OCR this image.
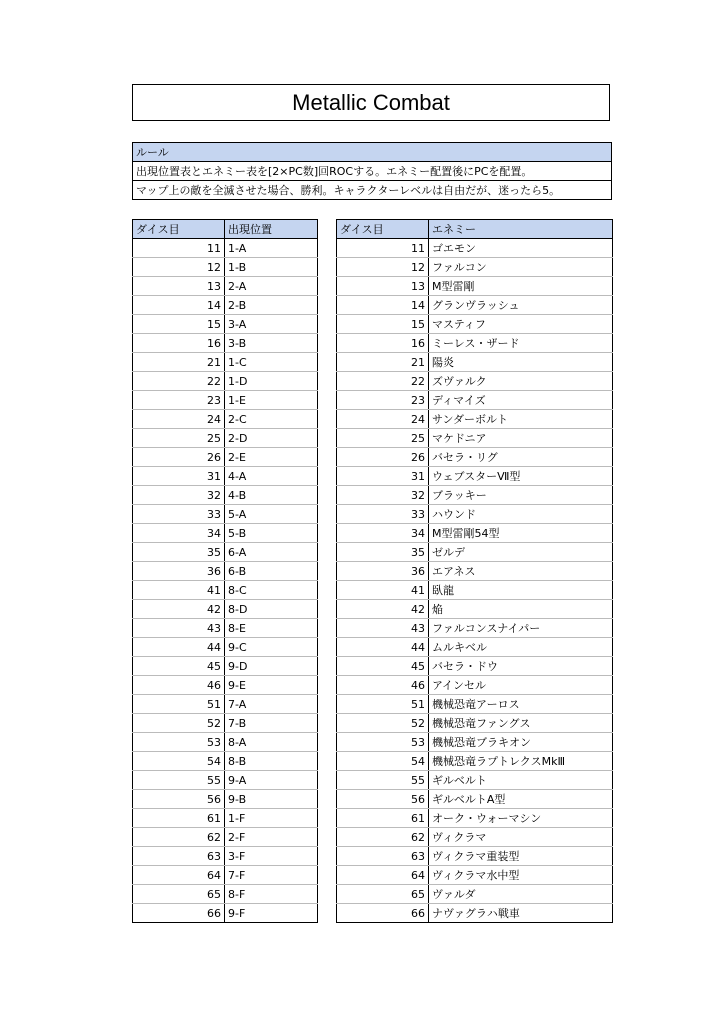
Metallic Combat
ルール
出現位置表とエネミー表を[2×PC数]回ROCする。エネミー配置後にPCを配置。
マップ上の敵を全滅させた場合、勝利。キャラクターレベルは自由だが、迷ったら5。
ダイス目	出現位置
11	1-A
12	1-B
13	2-A
14	2-B
15	3-A
16	3-B
21	1-C
22	1-D
23	1-E
24	2-C
25	2-D
26	2-E
31	4-A
32	4-B
33	5-A
34	5-B
35	6-A
36	6-B
41	8-C
42	8-D
43	8-E
44	9-C
45	9-D
46	9-E
51	7-A
52	7-B
53	8-A
54	8-B
55	9-A
56	9-B
61	1-F
62	2-F
63	3-F
64	7-F
65	8-F
66	9-F
ダイス目	エネミー
11	ゴエモン
12	ファルコン
13	M型雷剛
14	グランヴラッシュ
15	マスティフ
16	ミーレス・ザード
21	陽炎
22	ズヴァルク
23	ディマイズ
24	サンダーボルト
25	マケドニア
26	バセラ・リグ
31	ウェブスターⅦ型
32	ブラッキー
33	ハウンド
34	M型雷剛54型
35	ゼルデ
36	エアネス
41	臥龍
42	焔
43	ファルコンスナイパー
44	ムルキベル
45	バセラ・ドウ
46	アインセル
51	機械恐竜アーロス
52	機械恐竜ファングス
53	機械恐竜ブラキオン
54	機械恐竜ラプトレクスMkⅢ
55	ギルベルト
56	ギルベルトA型
61	オーク・ウォーマシン
62	ヴィクラマ
63	ヴィクラマ重装型
64	ヴィクラマ水中型
65	ヴァルダ
66	ナヴァグラハ戦車
